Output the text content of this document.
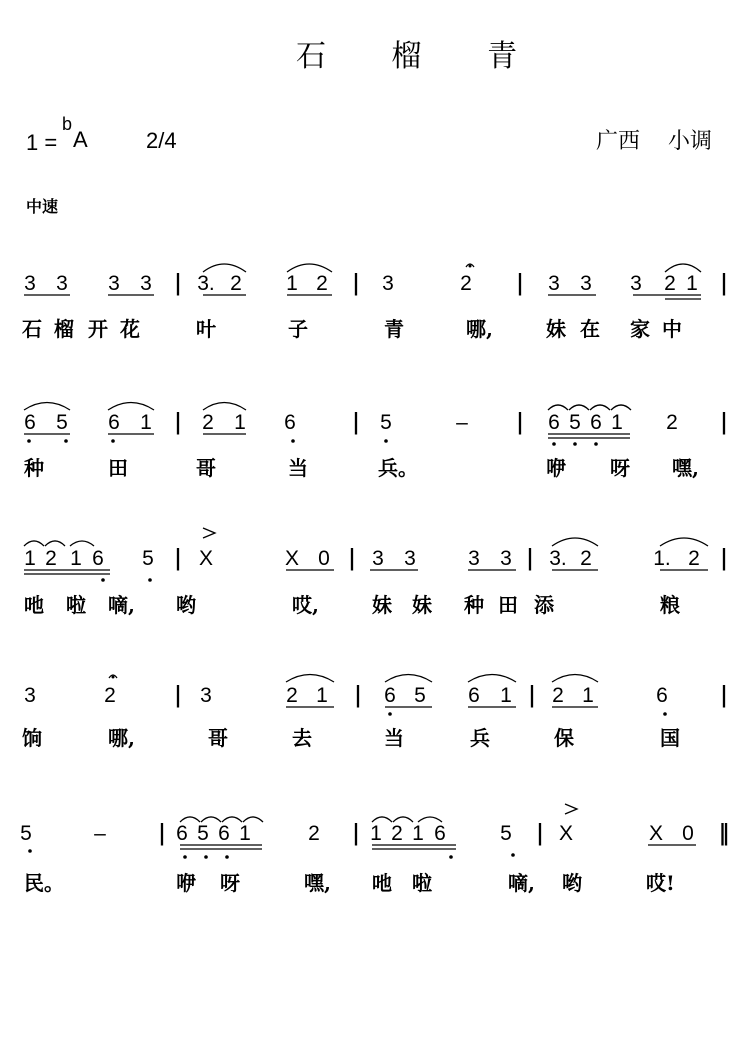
石 榴 青
1 =
b
A	2/4	广西 小调
中速
3 3 3 3 | 3. 2 1 2 | 3	2 | 3 3 3 2 1 |
石 榴 开 花	叶	子	青	哪,	妹 在 家 中
6 5 6 1 | 2 1 6	| 5	– | 6 5 6 1 2 |
种	田	哥	当	兵。	咿 呀 嘿,
1 2 1 6 5 | X	X 0 | 3 3 3 3 | 3. 2	1. 2 |
吔 啦 嘀, 哟	哎,	妹 妹 种 田 添	粮
3	2	| 3	2 1 | 6 5 6 1 | 2 1	6 |
饷	哪,	哥	去	当	兵	保	国
5	– | 6 5 6 1	2 | 1 2 1 6	5 | X	X 0 ‖
民。	咿 呀	嘿, 吔 啦	嘀, 哟	哎!
